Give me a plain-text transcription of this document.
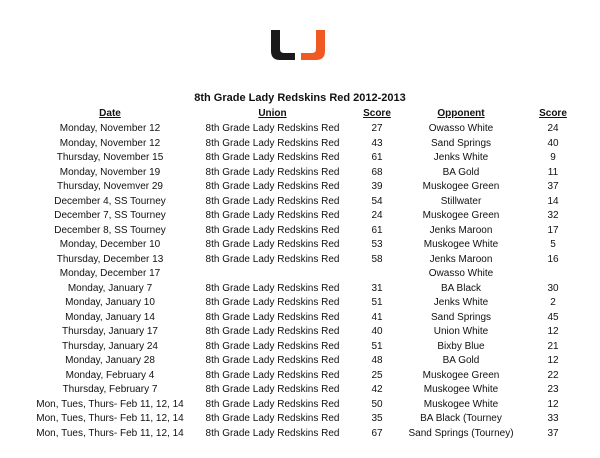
8th Grade Lady Redskins Red 2012-2013
Date	Union	Score	Opponent	Score
Monday, November 12	8th Grade Lady Redskins Red	27	Owasso White	24
Monday, November 12	8th Grade Lady Redskins Red	43	Sand Springs	40
Thursday, November 15	8th Grade Lady Redskins Red	61	Jenks White	9
Monday, November 19	8th Grade Lady Redskins Red	68	BA Gold	11
Thursday, Novemver 29	8th Grade Lady Redskins Red	39	Muskogee Green	37
December 4, SS Tourney	8th Grade Lady Redskins Red	54	Stillwater	14
December 7, SS Tourney	8th Grade Lady Redskins Red	24	Muskogee Green	32
December 8, SS Tourney	8th Grade Lady Redskins Red	61	Jenks Maroon	17
Monday, December 10	8th Grade Lady Redskins Red	53	Muskogee White	5
Thursday, December 13	8th Grade Lady Redskins Red	58	Jenks Maroon	16
Monday, December 17			Owasso White	
Monday, January 7	8th Grade Lady Redskins Red	31	BA Black	30
Monday, January 10	8th Grade Lady Redskins Red	51	Jenks White	2
Monday, January 14	8th Grade Lady Redskins Red	41	Sand Springs	45
Thursday, January 17	8th Grade Lady Redskins Red	40	Union White	12
Thursday, January 24	8th Grade Lady Redskins Red	51	Bixby Blue	21
Monday, January 28	8th Grade Lady Redskins Red	48	BA Gold	12
Monday, February 4	8th Grade Lady Redskins Red	25	Muskogee Green	22
Thursday, February 7	8th Grade Lady Redskins Red	42	Muskogee White	23
Mon, Tues, Thurs- Feb 11, 12, 14	8th Grade Lady Redskins Red	50	Muskogee White	12
Mon, Tues, Thurs- Feb 11, 12, 14	8th Grade Lady Redskins Red	35	BA Black (Tourney	33
Mon, Tues, Thurs- Feb 11, 12, 14	8th Grade Lady Redskins Red	67	Sand Springs (Tourney)	37
